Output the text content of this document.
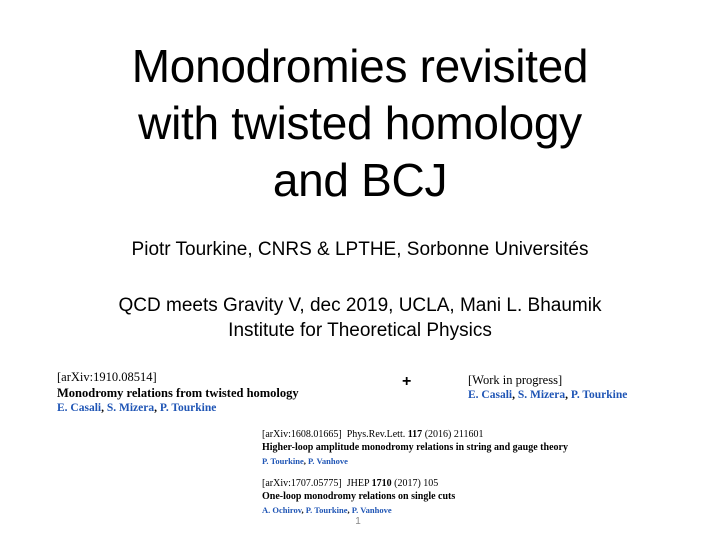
Monodromies revisited
with twisted homology
and BCJ
Piotr Tourkine, CNRS & LPTHE, Sorbonne Universités
QCD meets Gravity V, dec 2019, UCLA, Mani L. Bhaumik
Institute for Theoretical Physics
[arXiv:1910.08514]
Monodromy relations from twisted homology
E. Casali, S. Mizera, P. Tourkine
+	[Work in progress]
E. Casali, S. Mizera, P. Tourkine
[arXiv:1608.01665] Phys.Rev.Lett. 117 (2016) 211601
Higher-loop amplitude monodromy relations in string and gauge theory
P. Tourkine, P. Vanhove
[arXiv:1707.05775] JHEP 1710 (2017) 105
One-loop monodromy relations on single cuts
A. Ochirov, P. Tourkine, P. Vanhove
1
